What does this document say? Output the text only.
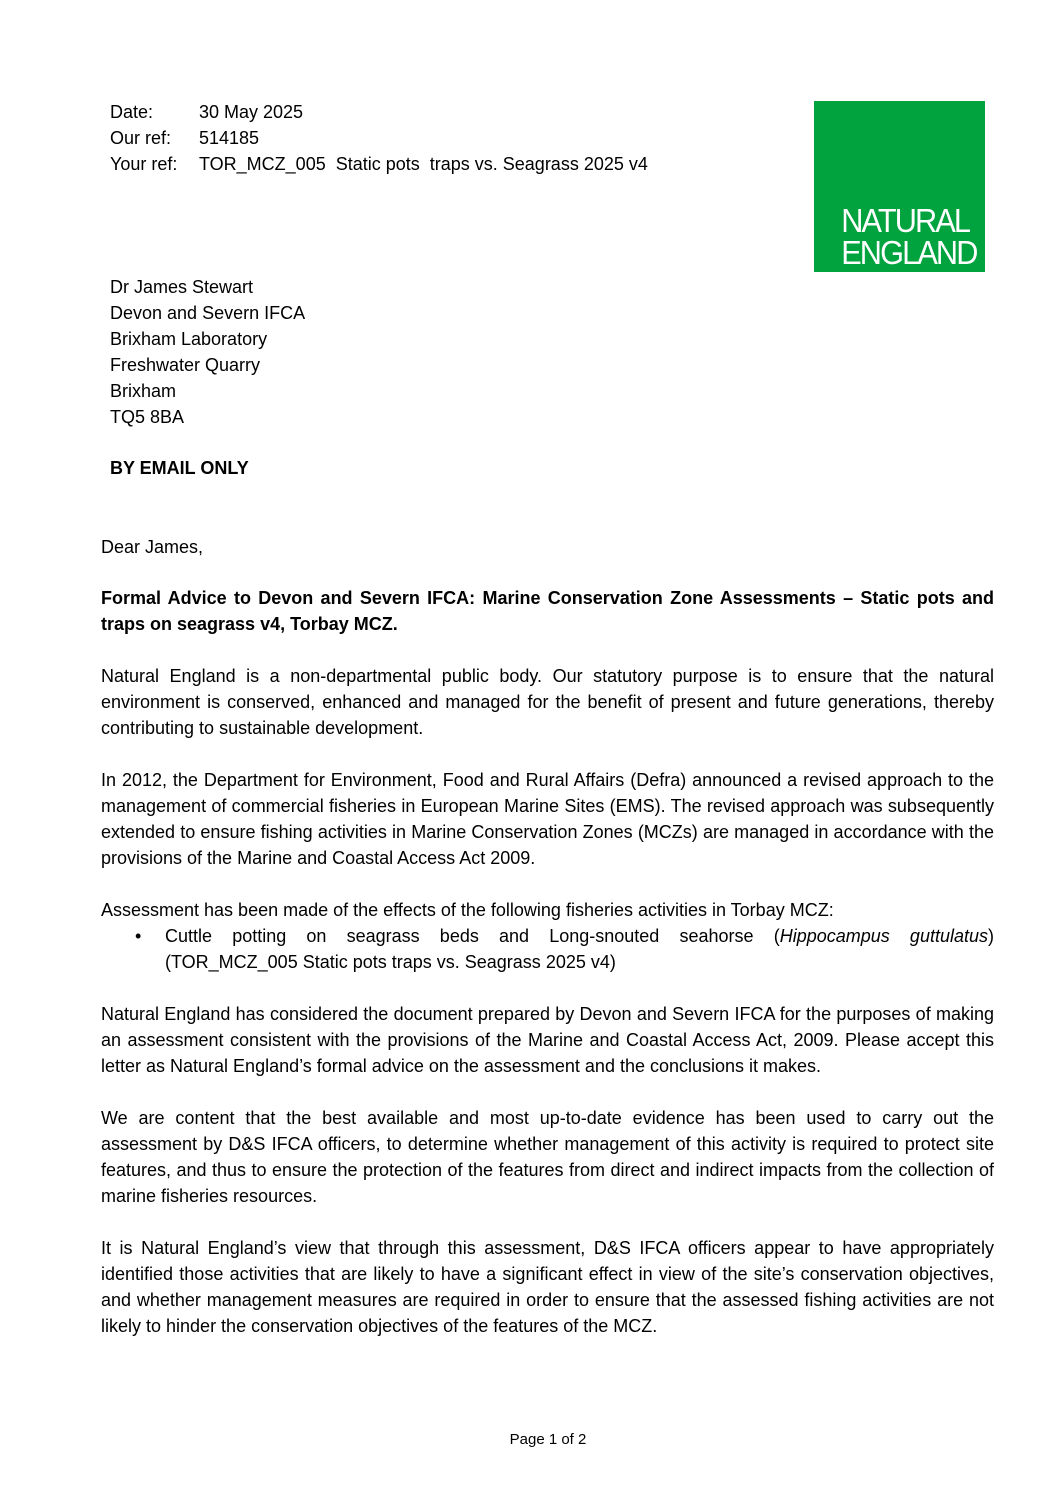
Date:	30 May 2025
Our ref:	514185
Your ref:	TOR_MCZ_005  Static pots  traps vs. Seagrass 2025 v4
NATURAL
ENGLAND
Dr James Stewart
Devon and Severn IFCA
Brixham Laboratory
Freshwater Quarry
Brixham
TQ5 8BA
BY EMAIL ONLY
Dear James,

Formal Advice to Devon and Severn IFCA: Marine Conservation Zone Assessments – Static pots and traps on seagrass v4, Torbay MCZ.

Natural England is a non-departmental public body. Our statutory purpose is to ensure that the natural environment is conserved, enhanced and managed for the benefit of present and future generations, thereby contributing to sustainable development.

In 2012, the Department for Environment, Food and Rural Affairs (Defra) announced a revised approach to the management of commercial fisheries in European Marine Sites (EMS). The revised approach was subsequently extended to ensure fishing activities in Marine Conservation Zones (MCZs) are managed in accordance with the provisions of the Marine and Coastal Access Act 2009.

Assessment has been made of the effects of the following fisheries activities in Torbay MCZ:

• Cuttle potting on seagrass beds and Long-snouted seahorse (Hippocampus guttulatus)
(TOR_MCZ_005 Static pots traps vs. Seagrass 2025 v4)

Natural England has considered the document prepared by Devon and Severn IFCA for the purposes of making an assessment consistent with the provisions of the Marine and Coastal Access Act, 2009. Please accept this letter as Natural England’s formal advice on the assessment and the conclusions it makes.

We are content that the best available and most up-to-date evidence has been used to carry out the assessment by D&S IFCA officers, to determine whether management of this activity is required to protect site features, and thus to ensure the protection of the features from direct and indirect impacts from the collection of marine fisheries resources.

It is Natural England’s view that through this assessment, D&S IFCA officers appear to have appropriately identified those activities that are likely to have a significant effect in view of the site’s conservation objectives, and whether management measures are required in order to ensure that the assessed fishing activities are not likely to hinder the conservation objectives of the features of the MCZ.

Page 1 of 2
